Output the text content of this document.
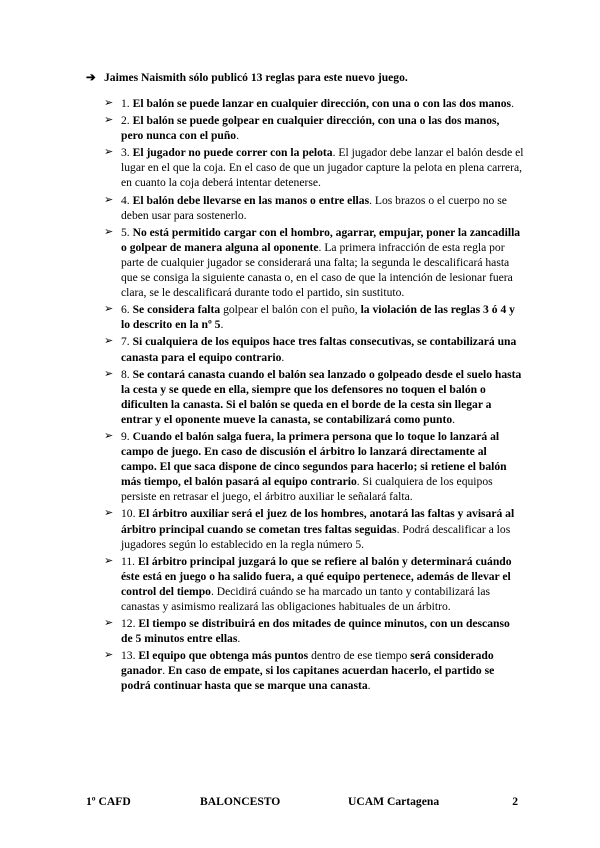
➔ Jaimes Naismith sólo publicó 13 reglas para este nuevo juego.
➢ 1. El balón se puede lanzar en cualquier dirección, con una o con las dos manos.
➢ 2. El balón se puede golpear en cualquier dirección, con una o las dos manos, pero nunca con el puño.
➢ 3. El jugador no puede correr con la pelota. El jugador debe lanzar el balón desde el lugar en el que la coja. En el caso de que un jugador capture la pelota en plena carrera, en cuanto la coja deberá intentar detenerse.
➢ 4. El balón debe llevarse en las manos o entre ellas. Los brazos o el cuerpo no se deben usar para sostenerlo.
➢ 5. No está permitido cargar con el hombro, agarrar, empujar, poner la zancadilla o golpear de manera alguna al oponente. La primera infracción de esta regla por parte de cualquier jugador se considerará una falta; la segunda le descalificará hasta que se consiga la siguiente canasta o, en el caso de que la intención de lesionar fuera clara, se le descalificará durante todo el partido, sin sustituto.
➢ 6. Se considera falta golpear el balón con el puño, la violación de las reglas 3 ó 4 y lo descrito en la nº 5.
➢ 7. Si cualquiera de los equipos hace tres faltas consecutivas, se contabilizará una canasta para el equipo contrario.
➢ 8. Se contará canasta cuando el balón sea lanzado o golpeado desde el suelo hasta la cesta y se quede en ella, siempre que los defensores no toquen el balón o dificulten la canasta. Si el balón se queda en el borde de la cesta sin llegar a entrar y el oponente mueve la canasta, se contabilizará como punto.
➢ 9. Cuando el balón salga fuera, la primera persona que lo toque lo lanzará al campo de juego. En caso de discusión el árbitro lo lanzará directamente al campo. El que saca dispone de cinco segundos para hacerlo; si retiene el balón más tiempo, el balón pasará al equipo contrario. Si cualquiera de los equipos persiste en retrasar el juego, el árbitro auxiliar le señalará falta.
➢ 10. El árbitro auxiliar será el juez de los hombres, anotará las faltas y avisará al árbitro principal cuando se cometan tres faltas seguidas. Podrá descalificar a los jugadores según lo establecido en la regla número 5.
➢ 11. El árbitro principal juzgará lo que se refiere al balón y determinará cuándo éste está en juego o ha salido fuera, a qué equipo pertenece, además de llevar el control del tiempo. Decidirá cuándo se ha marcado un tanto y contabilizará las canastas y asimismo realizará las obligaciones habituales de un árbitro.
➢ 12. El tiempo se distribuirá en dos mitades de quince minutos, con un descanso de 5 minutos entre ellas.
➢ 13. El equipo que obtenga más puntos dentro de ese tiempo será considerado ganador. En caso de empate, si los capitanes acuerdan hacerlo, el partido se podrá continuar hasta que se marque una canasta.
1º CAFD	BALONCESTO	UCAM Cartagena	2
